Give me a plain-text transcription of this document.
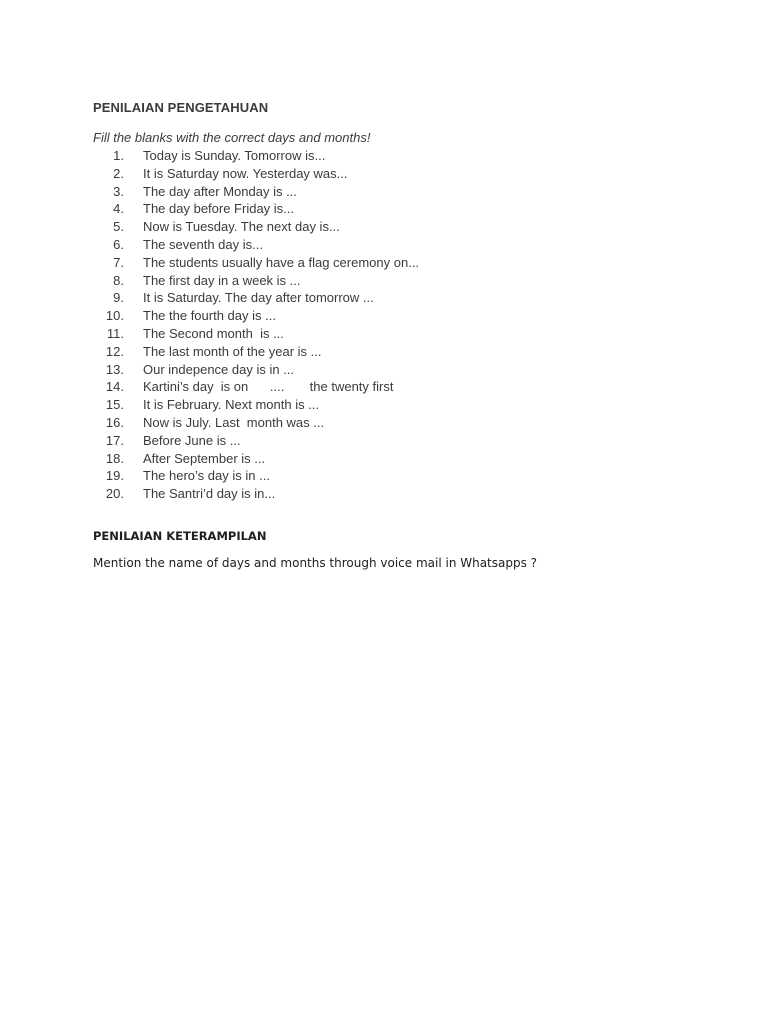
PENILAIAN PENGETAHUAN

Fill the blanks with the correct days and months!

1.	Today is Sunday. Tomorrow is...
2.	It is Saturday now. Yesterday was...
3.	The day after Monday is ...
4.	The day before Friday is...
5.	Now is Tuesday. The next day is...
6.	The seventh day is...
7.	The students usually have a flag ceremony on...
8.	The first day in a week is ...
9.	It is Saturday. The day after tomorrow ...
10.	The the fourth day is ...
11.	The Second month  is ...
12.	The last month of the year is ...
13.	Our indepence day is in ...
14.	Kartini’s day  is on      ....       the twenty first
15.	It is February. Next month is ...
16.	Now is July. Last  month was ...
17.	Before June is ...
18.	After September is ...
19.	The hero’s day is in ...
20.	The Santri’d day is in...
PENILAIAN KETERAMPILAN

Mention the name of days and months through voice mail in Whatsapps ?
